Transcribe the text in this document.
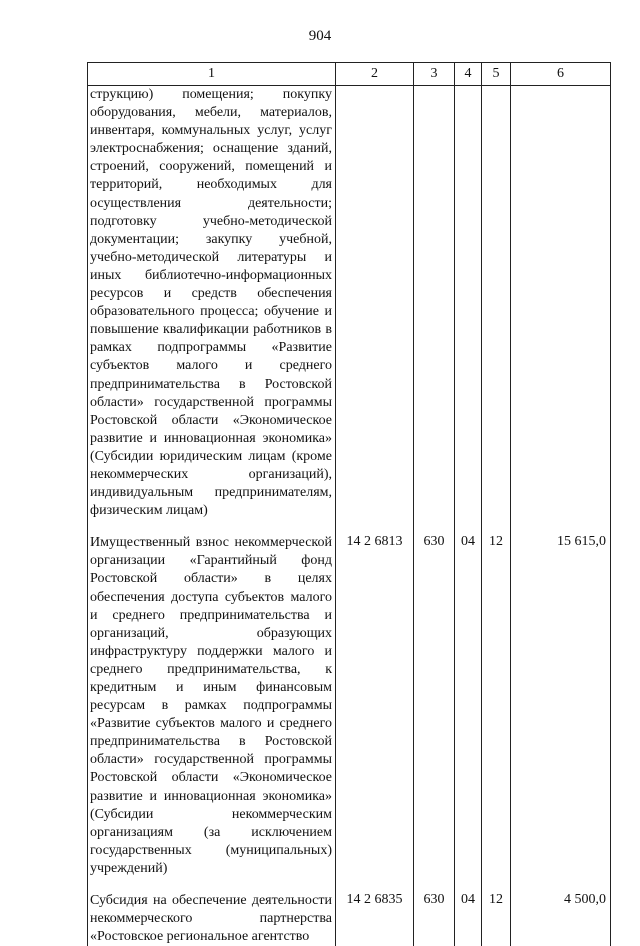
904
1	2	3	4	5	6
струкцию) помещения; покупку оборудования, мебели, материалов, инвентаря, коммунальных услуг, услуг электроснабжения; оснащение зданий, строений, сооружений, помещений и территорий, необходимых для осуществления деятельности; подготовку учебно-методической документации; закупку учебной, учебно-методической литературы и иных библиотечно-информационных ресурсов и средств обеспечения образовательного процесса; обучение и повышение квалификации работников в рамках подпрограммы «Развитие субъектов малого и среднего предпринимательства в Ростовской области» государственной программы Ростовской области «Экономическое развитие и инновационная экономика» (Субсидии юридическим лицам (кроме некоммерческих организаций), индивидуальным предпринимателям, физическим лицам)					
Имущественный взнос некоммерческой организации «Гарантийный фонд Ростовской области» в целях обеспечения доступа субъектов малого и среднего предпринимательства и организаций, образующих инфраструктуру поддержки малого и среднего предпринимательства, к кредитным и иным финансовым ресурсам в рамках подпрограммы «Развитие субъектов малого и среднего предпринимательства в Ростовской области» государственной программы Ростовской области «Экономическое развитие и инновационная экономика» (Субсидии некоммерческим организациям (за исключением государственных (муниципальных) учреждений)	14 2 6813	630	04	12	15 615,0
Субсидия на обеспечение деятельности некоммерческого партнерства «Ростовское региональное агентство	14 2 6835	630	04	12	4 500,0
